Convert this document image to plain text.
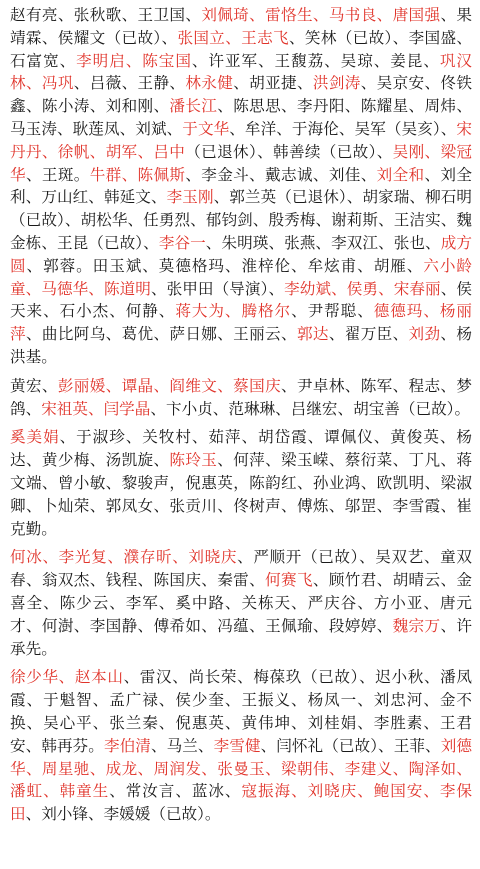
赵有亮、张秋歌、王卫国、刘佩琦、雷恪生、马书良、唐国强、果靖霖、侯耀文（已故）、张国立、王志飞、笑林（已故）、李国盛、石富宽、李明启、陈宝国、许亚军、王馥荔、吴琼、姜昆、巩汉林、冯巩、吕薇、王静、林永健、胡亚捷、洪剑涛、吴京安、佟铁鑫、陈小涛、刘和刚、潘长江、陈思思、李丹阳、陈耀星、周炜、马玉涛、耿莲凤、刘斌、于文华、牟洋、于海伦、吴军（吴亥）、宋丹丹、徐帆、胡军、吕中（已退休）、韩善续（已故）、吴刚、梁冠华、王斑。牛群、陈佩斯、李金斗、戴志诚、刘佳、刘全和、刘全利、万山红、韩延文、李玉刚、郭兰英（已退休）、胡家瑞、柳石明（已故）、胡松华、任勇烈、郁钧剑、殷秀梅、谢莉斯、王洁实、魏金栋、王昆（已故）、李谷一、朱明瑛、张燕、李双江、张也、成方圆、郭蓉。田玉斌、莫德格玛、淮梓伦、牟炫甫、胡雁、六小龄童、马德华、陈道明、张甲田（导演）、李幼斌、侯勇、宋春丽、侯天来、石小杰、何静、蒋大为、腾格尔、尹帮聪、德德玛、杨丽萍、曲比阿乌、葛优、萨日娜、王丽云、郭达、翟万臣、刘劲、杨洪基。

黄宏、彭丽媛、谭晶、阎维文、蔡国庆、尹卓林、陈军、程志、梦鸽、宋祖英、闫学晶、卞小贞、范琳琳、吕继宏、胡宝善（已故）。

奚美娟、于淑珍、关牧村、茹萍、胡岱霞、谭佩仪、黄俊英、杨达、黄少梅、汤凯旋、陈玲玉、何萍、梁玉嵘、蔡衍菜、丁凡、蒋文端、曾小敏、黎骏声，倪惠英，陈韵红、孙业鸿、欧凯明、梁淑卿、卜灿荣、郭凤女、张贡川、佟树声、傅炼、邬罡、李雪霞、崔克勤。

何冰、李光复、濮存昕、刘晓庆、严顺开（已故）、吴双艺、童双春、翁双杰、钱程、陈国庆、秦雷、何赛飞、顾竹君、胡晴云、金喜全、陈少云、李军、奚中路、关栋天、严庆谷、方小亚、唐元才、何澍、李国静、傅希如、冯蕴、王佩瑜、段婷婷、魏宗万、许承先。

徐少华、赵本山、雷汉、尚长荣、梅葆玖（已故）、迟小秋、潘凤霞、于魁智、孟广禄、侯少奎、王振义、杨凤一、刘忠河、金不换、吴心平、张兰秦、倪惠英、黄伟坤、刘桂娟、李胜素、王君安、韩再芬。李伯清、马兰、李雪健、闫怀礼（已故）、王菲、刘德华、周星驰、成龙、周润发、张曼玉、梁朝伟、李建义、陶泽如、潘虹、韩童生、常汝言、蓝冰、寇振海、刘晓庆、鲍国安、李保田、刘小锋、李媛媛（已故）。
